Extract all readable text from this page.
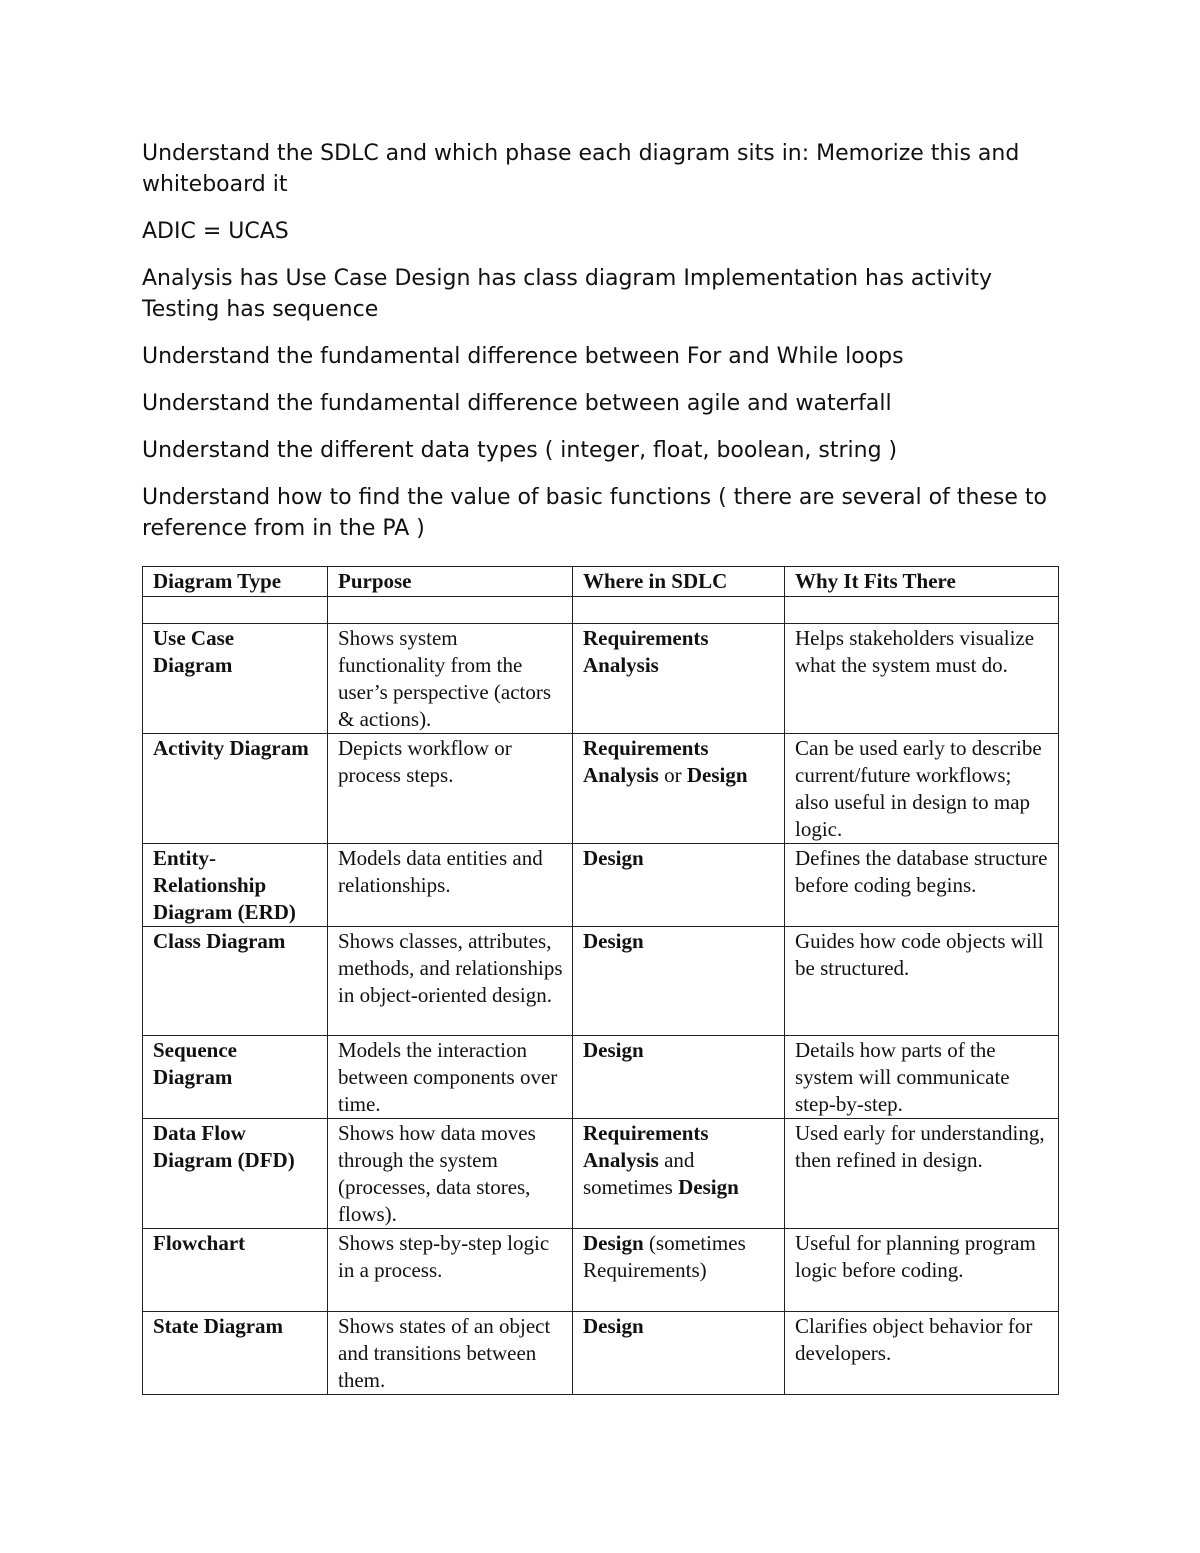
Understand the SDLC and which phase each diagram sits in: Memorize this and whiteboard it

ADIC = UCAS

Analysis has Use Case Design has class diagram Implementation has activity Testing has sequence

Understand the fundamental difference between For and While loops

Understand the fundamental difference between agile and waterfall

Understand the different data types ( integer, float, boolean, string )

Understand how to find the value of basic functions ( there are several of these to reference from in the PA )

Diagram Type	Purpose	Where in SDLC	Why It Fits There

Use Case Diagram	Shows system functionality from the user’s perspective (actors & actions).	Requirements Analysis	Helps stakeholders visualize what the system must do.
Activity Diagram	Depicts workflow or process steps.	Requirements Analysis or Design	Can be used early to describe current/future workflows; also useful in design to map logic.
Entity-Relationship Diagram (ERD)	Models data entities and relationships.	Design	Defines the database structure before coding begins.
Class Diagram	Shows classes, attributes, methods, and relationships in object-oriented design.	Design	Guides how code objects will be structured.
Sequence Diagram	Models the interaction between components over time.	Design	Details how parts of the system will communicate step-by-step.
Data Flow Diagram (DFD)	Shows how data moves through the system (processes, data stores, flows).	Requirements Analysis and sometimes Design	Used early for understanding, then refined in design.
Flowchart	Shows step-by-step logic in a process.	Design (sometimes Requirements)	Useful for planning program logic before coding.
State Diagram	Shows states of an object and transitions between them.	Design	Clarifies object behavior for developers.
